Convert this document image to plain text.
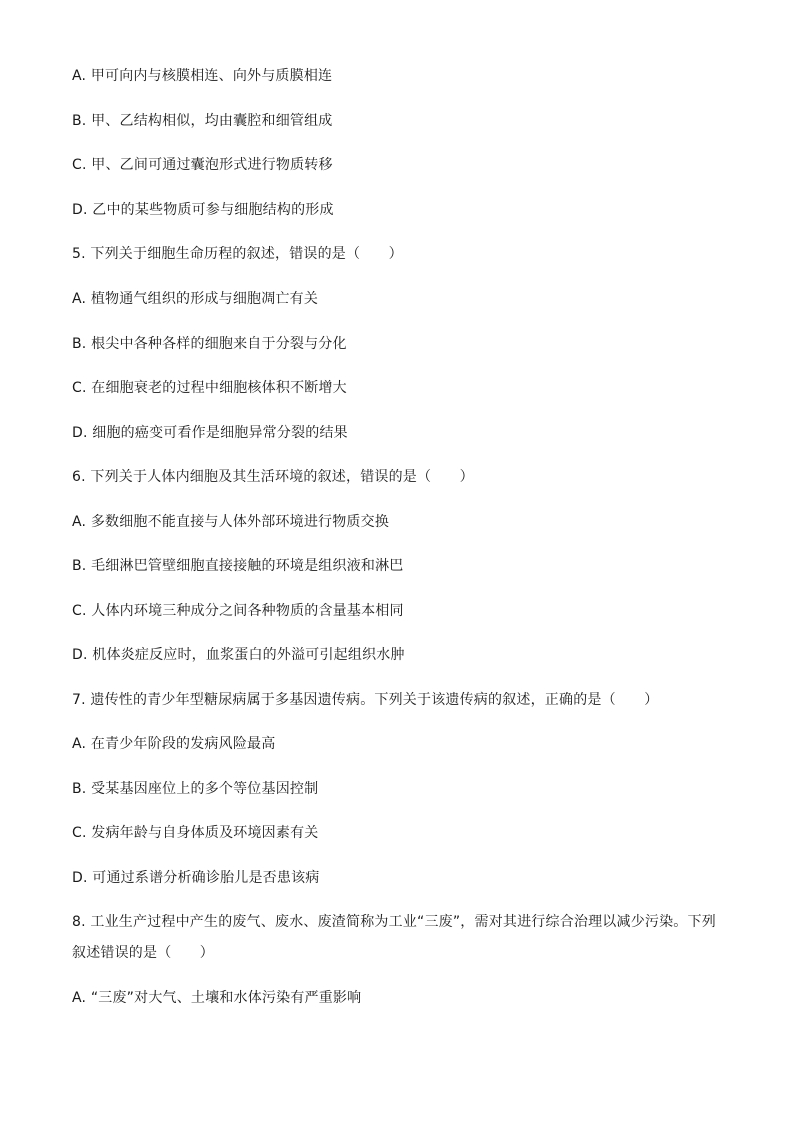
A. 甲可向内与核膜相连、向外与质膜相连
B. 甲、乙结构相似，均由囊腔和细管组成
C. 甲、乙间可通过囊泡形式进行物质转移
D. 乙中的某些物质可参与细胞结构的形成
5. 下列关于细胞生命历程的叙述，错误的是（　　）
A. 植物通气组织的形成与细胞凋亡有关
B. 根尖中各种各样的细胞来自于分裂与分化
C. 在细胞衰老的过程中细胞核体积不断增大
D. 细胞的癌变可看作是细胞异常分裂的结果
6. 下列关于人体内细胞及其生活环境的叙述，错误的是（　　）
A. 多数细胞不能直接与人体外部环境进行物质交换
B. 毛细淋巴管壁细胞直接接触的环境是组织液和淋巴
C. 人体内环境三种成分之间各种物质的含量基本相同
D. 机体炎症反应时，血浆蛋白的外溢可引起组织水肿
7. 遗传性的青少年型糖尿病属于多基因遗传病。下列关于该遗传病的叙述，正确的是（　　）
A. 在青少年阶段的发病风险最高
B. 受某基因座位上的多个等位基因控制
C. 发病年龄与自身体质及环境因素有关
D. 可通过系谱分析确诊胎儿是否患该病
8. 工业生产过程中产生的废气、废水、废渣简称为工业“三废”，需对其进行综合治理以减少污染。下列
叙述错误的是（　　）
A. “三废”对大气、土壤和水体污染有严重影响
